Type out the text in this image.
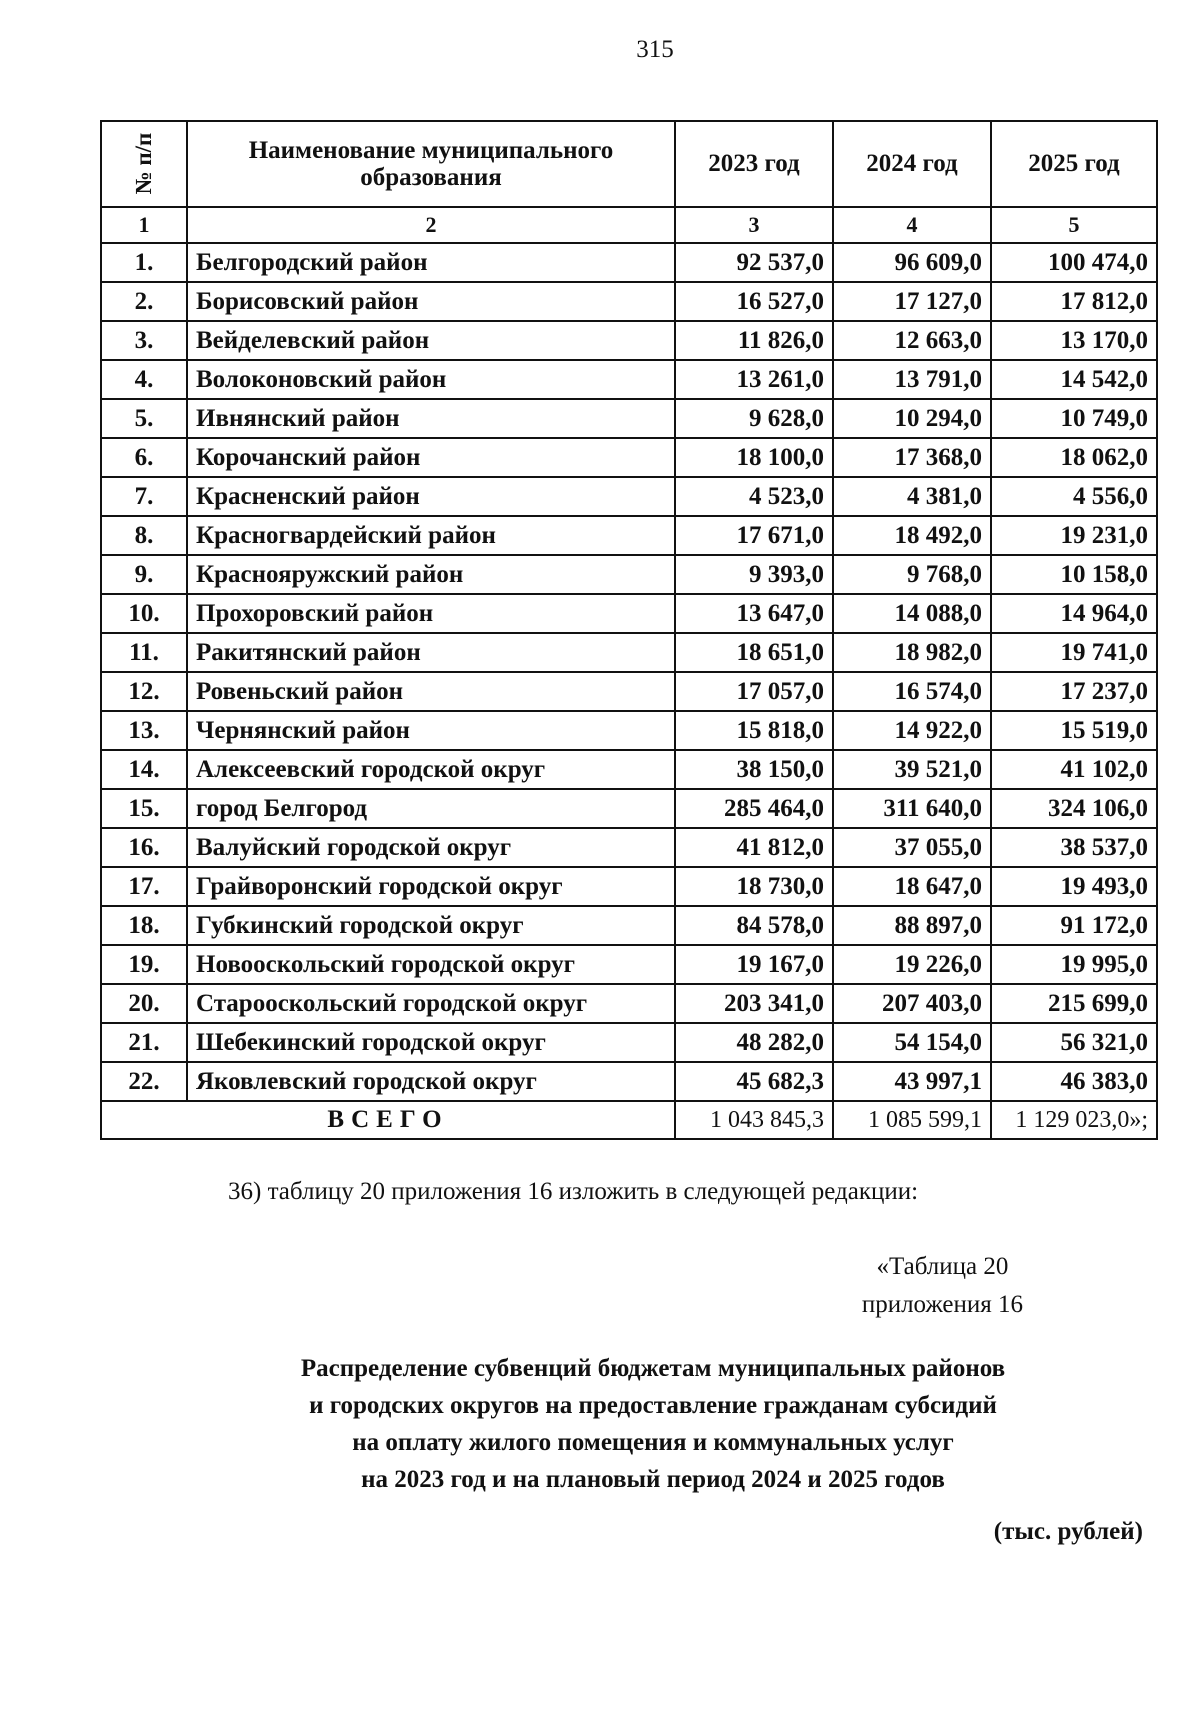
315
№ п/п	Наименование муниципального образования	2023 год	2024 год	2025 год
1	2	3	4	5
1.	Белгородский район	92 537,0	96 609,0	100 474,0
2.	Борисовский район	16 527,0	17 127,0	17 812,0
3.	Вейделевский район	11 826,0	12 663,0	13 170,0
4.	Волоконовский район	13 261,0	13 791,0	14 542,0
5.	Ивнянский район	9 628,0	10 294,0	10 749,0
6.	Корочанский район	18 100,0	17 368,0	18 062,0
7.	Красненский район	4 523,0	4 381,0	4 556,0
8.	Красногвардейский район	17 671,0	18 492,0	19 231,0
9.	Краснояружский район	9 393,0	9 768,0	10 158,0
10.	Прохоровский район	13 647,0	14 088,0	14 964,0
11.	Ракитянский район	18 651,0	18 982,0	19 741,0
12.	Ровеньский район	17 057,0	16 574,0	17 237,0
13.	Чернянский район	15 818,0	14 922,0	15 519,0
14.	Алексеевский городской округ	38 150,0	39 521,0	41 102,0
15.	город Белгород	285 464,0	311 640,0	324 106,0
16.	Валуйский городской округ	41 812,0	37 055,0	38 537,0
17.	Грайворонский городской округ	18 730,0	18 647,0	19 493,0
18.	Губкинский городской округ	84 578,0	88 897,0	91 172,0
19.	Новооскольский городской округ	19 167,0	19 226,0	19 995,0
20.	Старооскольский городской округ	203 341,0	207 403,0	215 699,0
21.	Шебекинский городской округ	48 282,0	54 154,0	56 321,0
22.	Яковлевский городской округ	45 682,3	43 997,1	46 383,0
ВСЕГО		1 043 845,3	1 085 599,1	1 129 023,0»;
36) таблицу 20 приложения 16 изложить в следующей редакции:
«Таблица 20
приложения 16
Распределение субвенций бюджетам муниципальных районов
и городских округов на предоставление гражданам субсидий
на оплату жилого помещения и коммунальных услуг
на 2023 год и на плановый период 2024 и 2025 годов
(тыс. рублей)
